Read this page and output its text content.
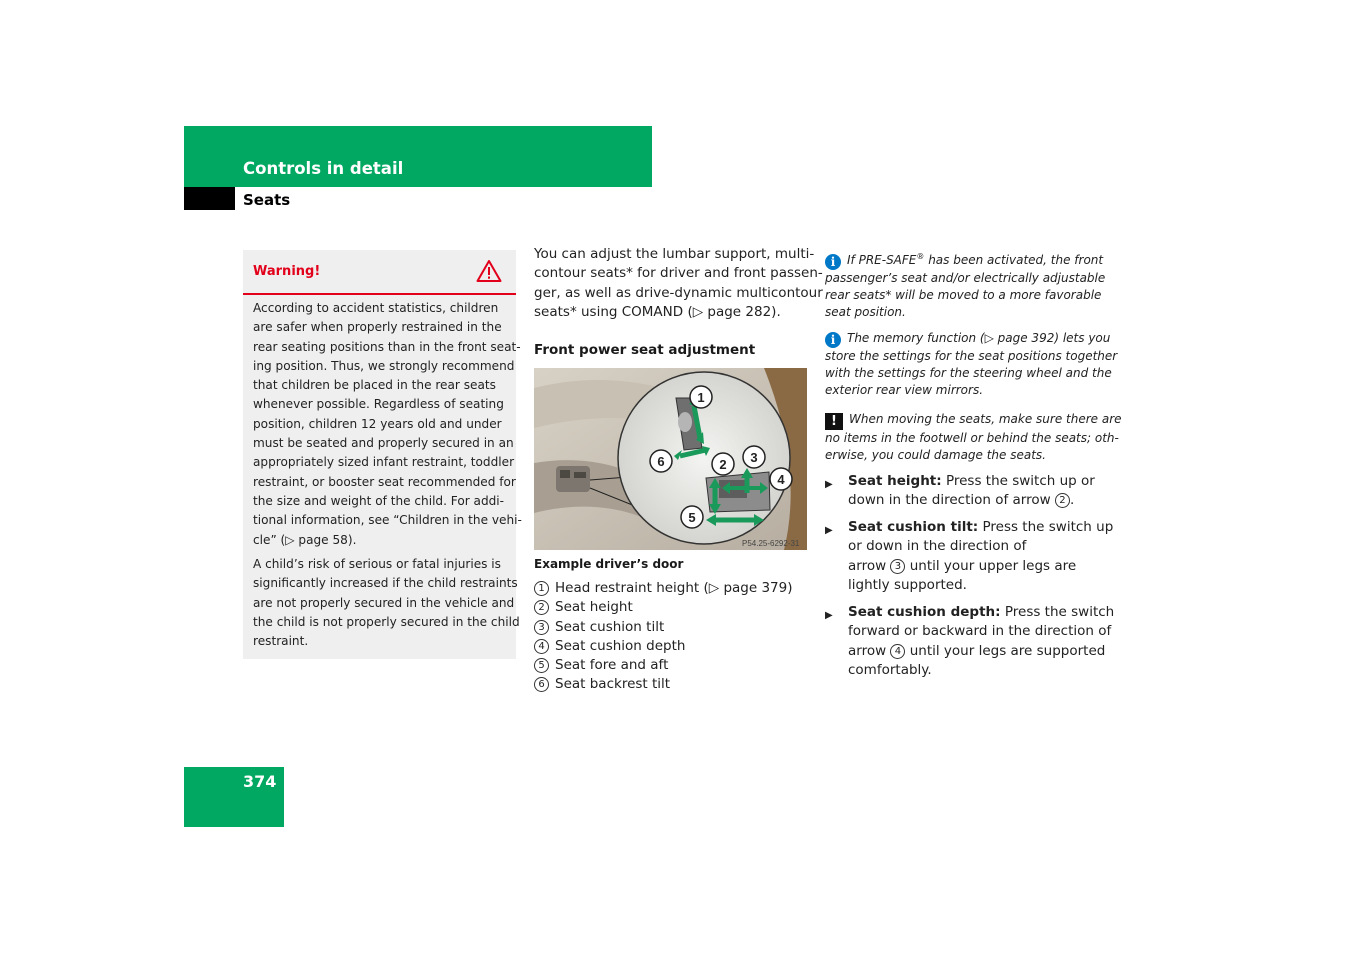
Controls in detail
Seats
Warning!
According to accident statistics, children
are safer when properly restrained in the
rear seating positions than in the front seat-
ing position. Thus, we strongly recommend
that children be placed in the rear seats
whenever possible. Regardless of seating
position, children 12 years old and under
must be seated and properly secured in an
appropriately sized infant restraint, toddler
restraint, or booster seat recommended for
the size and weight of the child. For addi-
tional information, see “Children in the vehi-
cle” (▷ page 58).
A child’s risk of serious or fatal injuries is
significantly increased if the child restraints
are not properly secured in the vehicle and
the child is not properly secured in the child
restraint.
You can adjust the lumbar support, multi-
contour seats* for driver and front passen-
ger, as well as drive-dynamic multicontour
seats* using COMAND (▷ page 282).
Front power seat adjustment
1
2 3
4
5
6
P54.25-6292-31
Example driver’s door
1 Head restraint height (▷ page 379)
2 Seat height
3 Seat cushion tilt
4 Seat cushion depth
5 Seat fore and aft
6 Seat backrest tilt
i If PRE-SAFE® has been activated, the front
passenger’s seat and/or electrically adjustable
rear seats* will be moved to a more favorable
seat position.
i The memory function (▷ page 392) lets you
store the settings for the seat positions together
with the settings for the steering wheel and the
exterior rear view mirrors.
! When moving the seats, make sure there are
no items in the footwell or behind the seats; oth-
erwise, you could damage the seats.
▶ Seat height: Press the switch up or
down in the direction of arrow 2 .
▶ Seat cushion tilt: Press the switch up
or down in the direction of
arrow 3 until your upper legs are
lightly supported.
▶ Seat cushion depth: Press the switch
forward or backward in the direction of
arrow 4 until your legs are supported
comfortably.
374
